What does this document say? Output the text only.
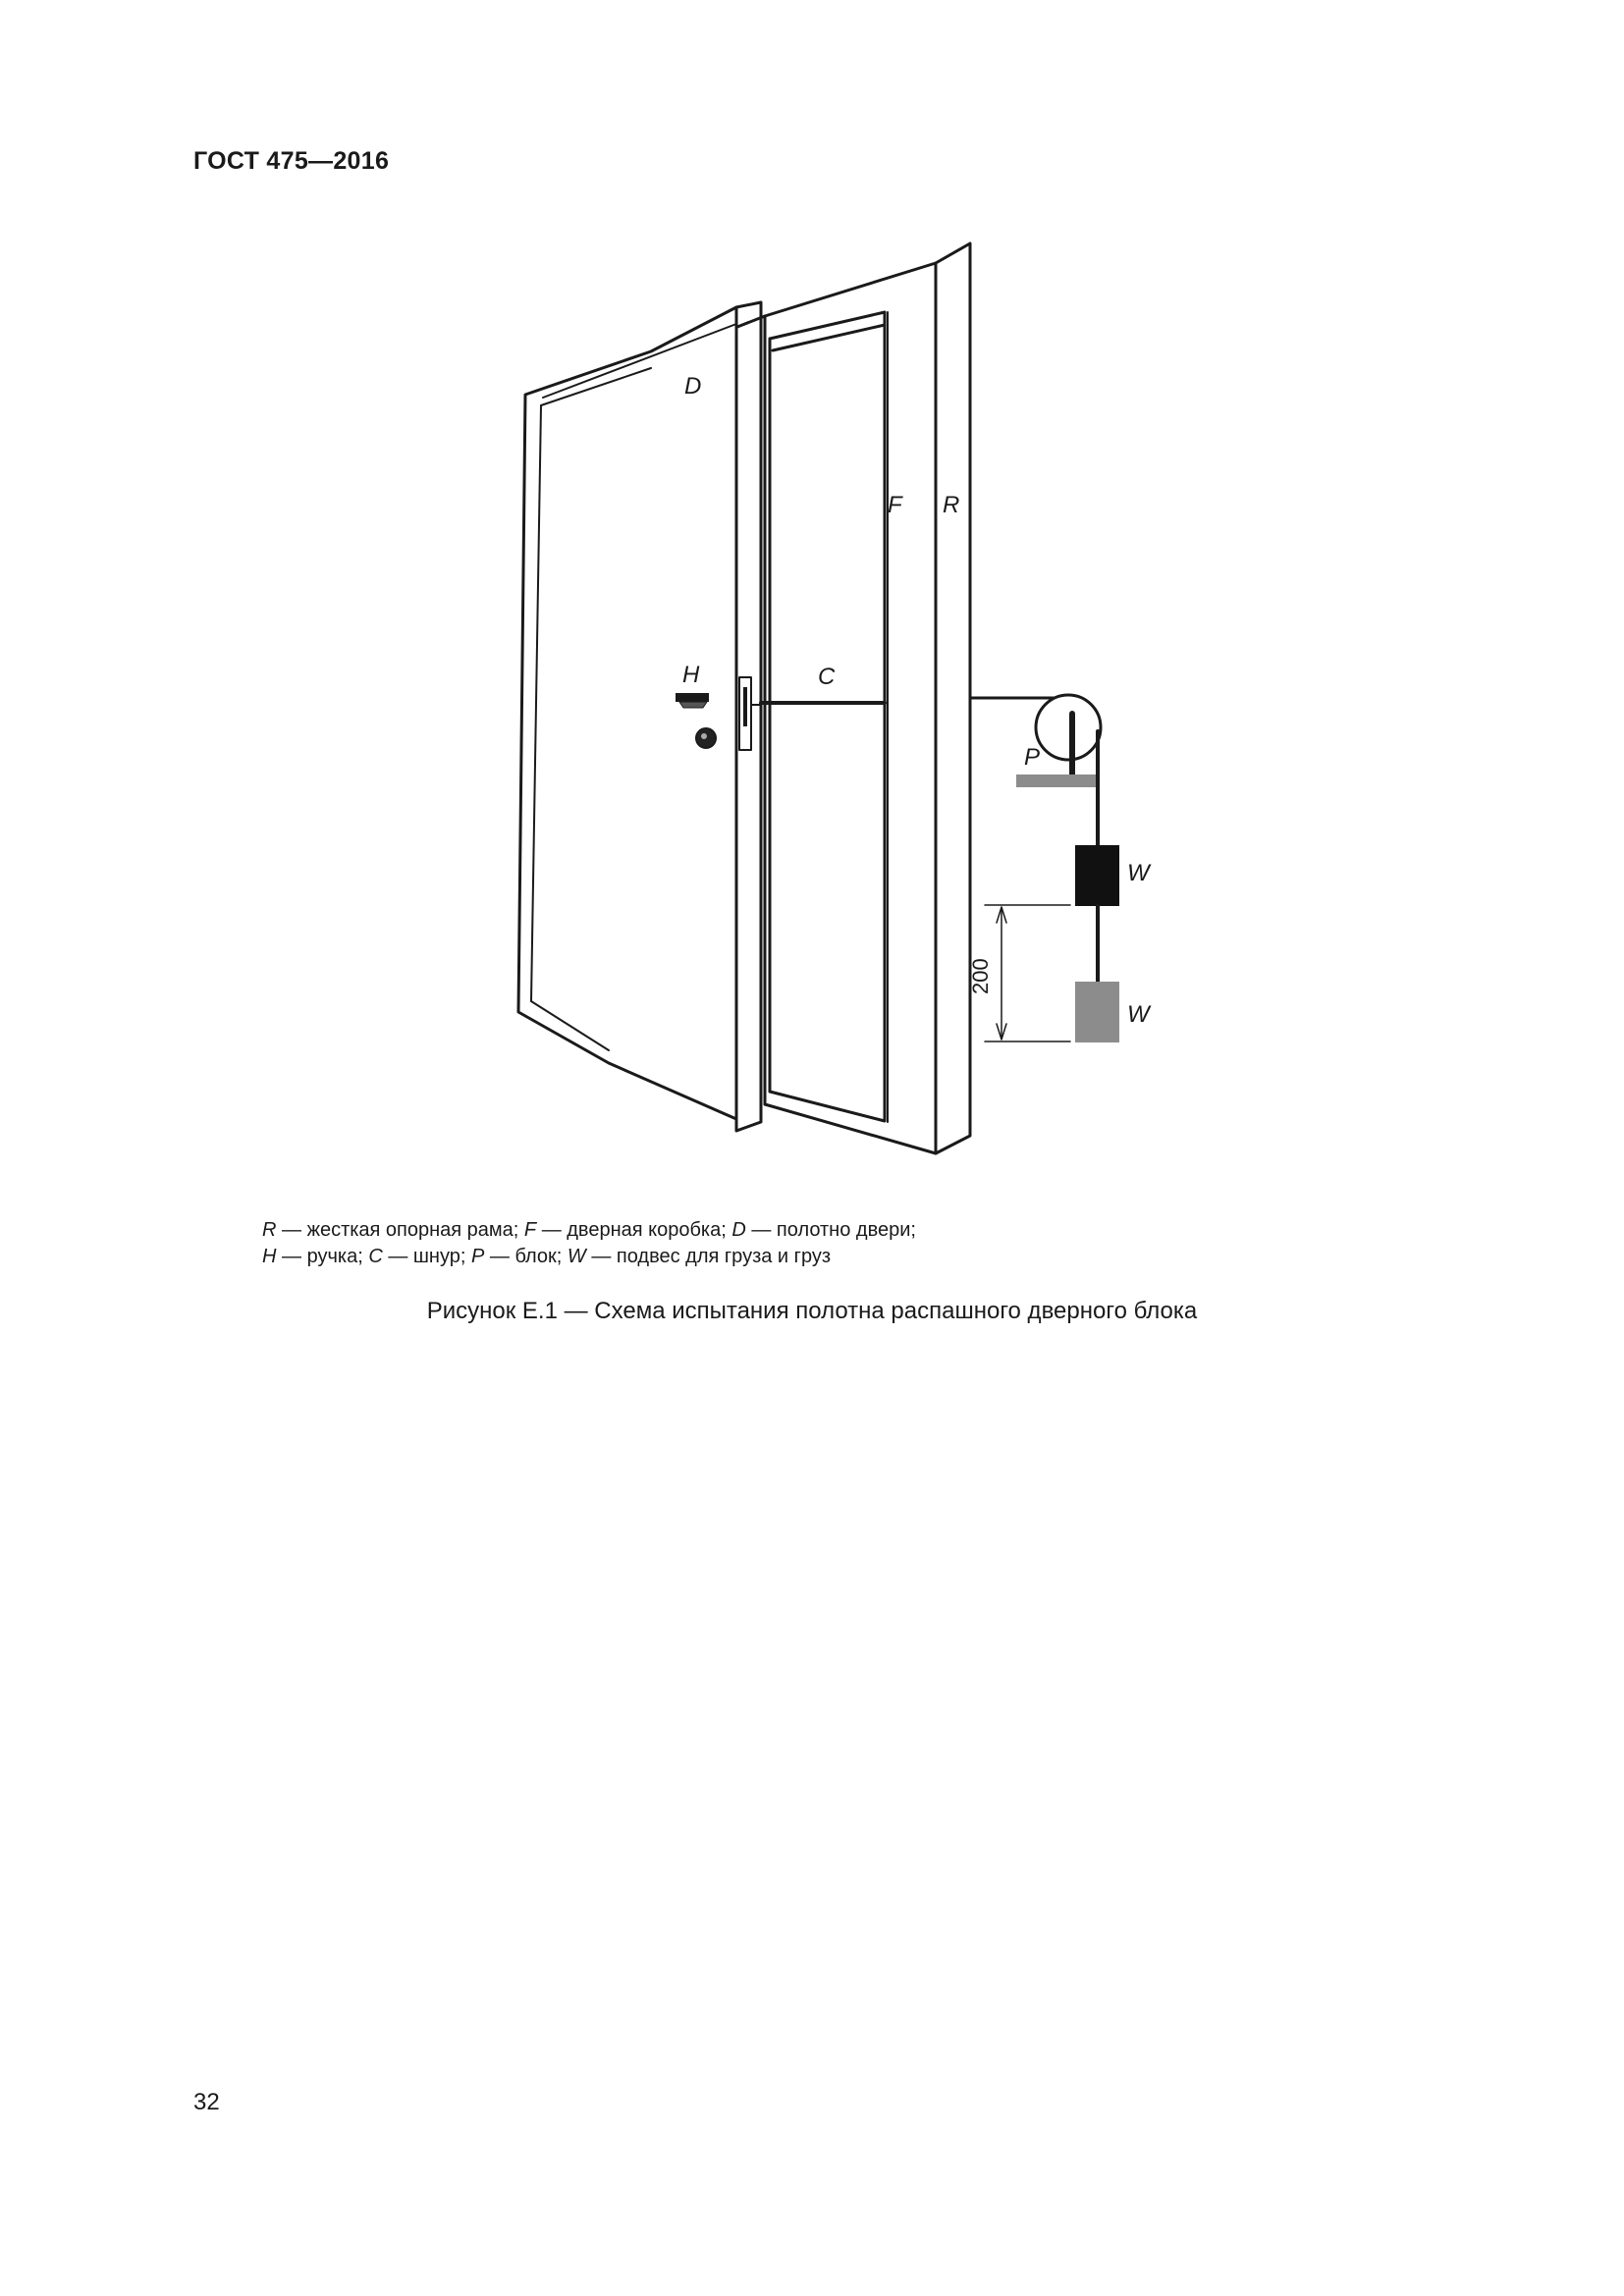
ГОСТ 475—2016
D
F R
H	C
P
W
W
200
R — жесткая опорная рама; F — дверная коробка; D — полотно двери;
H — ручка; C — шнур; P — блок; W — подвес для груза и груз
Рисунок Е.1 — Схема испытания полотна распашного дверного блока
32
